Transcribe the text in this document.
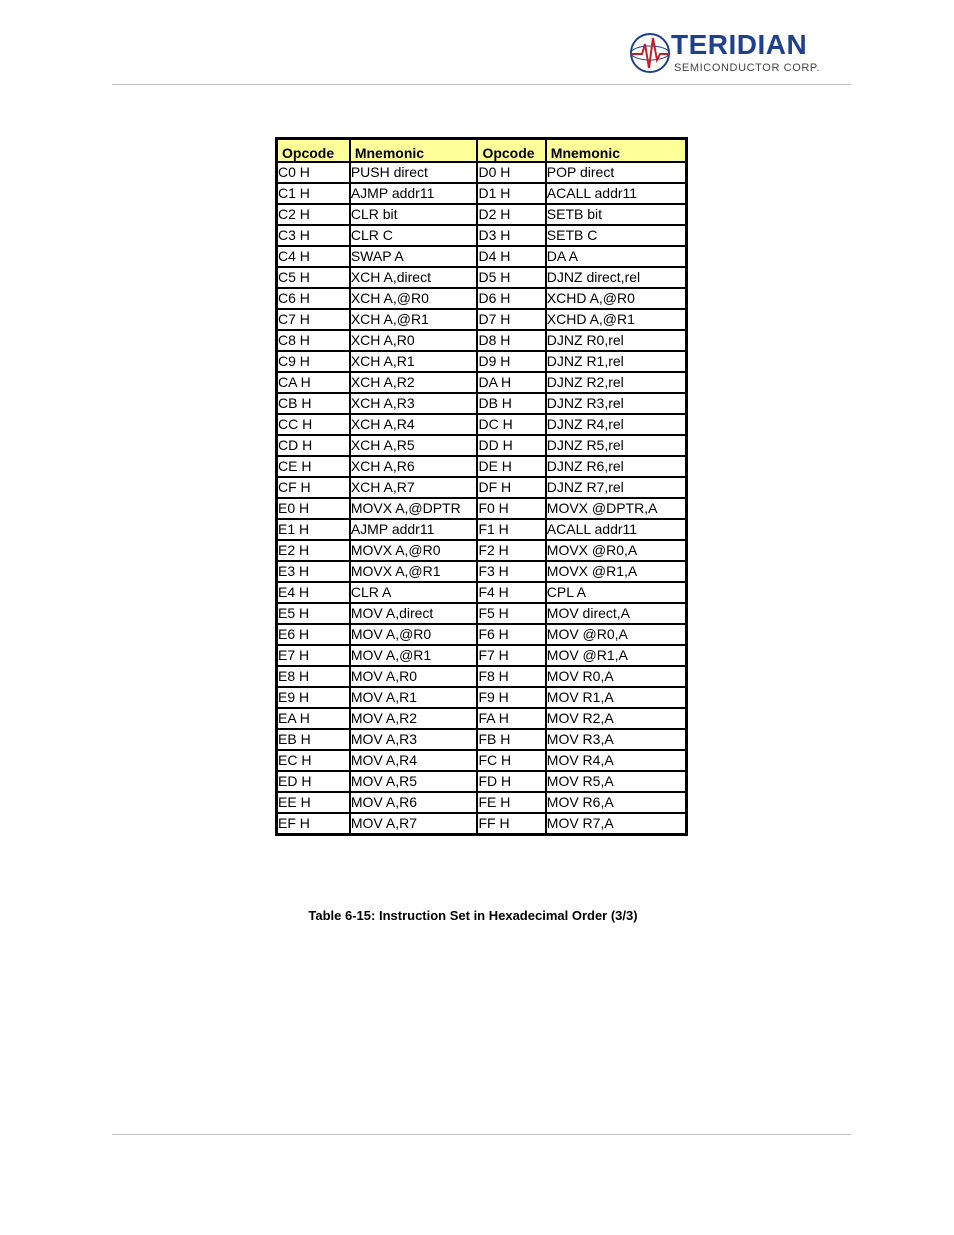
TERIDIAN
SEMICONDUCTOR CORP.
Opcode	Mnemonic	Opcode	Mnemonic
C0 H	PUSH direct	D0 H	POP direct
C1 H	AJMP addr11	D1 H	ACALL addr11
C2 H	CLR bit	D2 H	SETB bit
C3 H	CLR C	D3 H	SETB C
C4 H	SWAP A	D4 H	DA A
C5 H	XCH A,direct	D5 H	DJNZ direct,rel
C6 H	XCH A,@R0	D6 H	XCHD A,@R0
C7 H	XCH A,@R1	D7 H	XCHD A,@R1
C8 H	XCH A,R0	D8 H	DJNZ R0,rel
C9 H	XCH A,R1	D9 H	DJNZ R1,rel
CA H	XCH A,R2	DA H	DJNZ R2,rel
CB H	XCH A,R3	DB H	DJNZ R3,rel
CC H	XCH A,R4	DC H	DJNZ R4,rel
CD H	XCH A,R5	DD H	DJNZ R5,rel
CE H	XCH A,R6	DE H	DJNZ R6,rel
CF H	XCH A,R7	DF H	DJNZ R7,rel
E0 H	MOVX A,@DPTR	F0 H	MOVX @DPTR,A
E1 H	AJMP addr11	F1 H	ACALL addr11
E2 H	MOVX A,@R0	F2 H	MOVX @R0,A
E3 H	MOVX A,@R1	F3 H	MOVX @R1,A
E4 H	CLR A	F4 H	CPL A
E5 H	MOV A,direct	F5 H	MOV direct,A
E6 H	MOV A,@R0	F6 H	MOV @R0,A
E7 H	MOV A,@R1	F7 H	MOV @R1,A
E8 H	MOV A,R0	F8 H	MOV R0,A
E9 H	MOV A,R1	F9 H	MOV R1,A
EA H	MOV A,R2	FA H	MOV R2,A
EB H	MOV A,R3	FB H	MOV R3,A
EC H	MOV A,R4	FC H	MOV R4,A
ED H	MOV A,R5	FD H	MOV R5,A
EE H	MOV A,R6	FE H	MOV R6,A
EF H	MOV A,R7	FF H	MOV R7,A
Table 6-15: Instruction Set in Hexadecimal Order (3/3)
